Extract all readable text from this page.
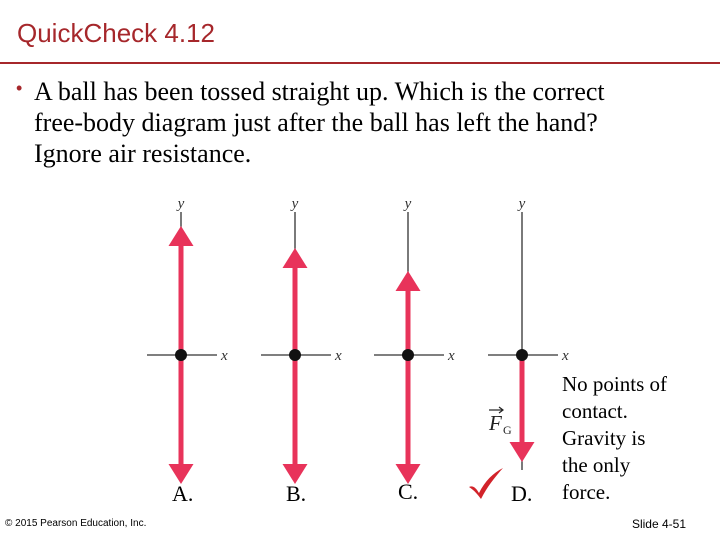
QuickCheck 4.12
• A ball has been tossed straight up. Which is the correct
free-body diagram just after the ball has left the hand?
Ignore air resistance.
y
x
y
x
y
x
y
x
F G
A.	B.	C.	D.
No points of
contact.
Gravity is
the only
force.
© 2015 Pearson Education, Inc.	Slide 4-51
